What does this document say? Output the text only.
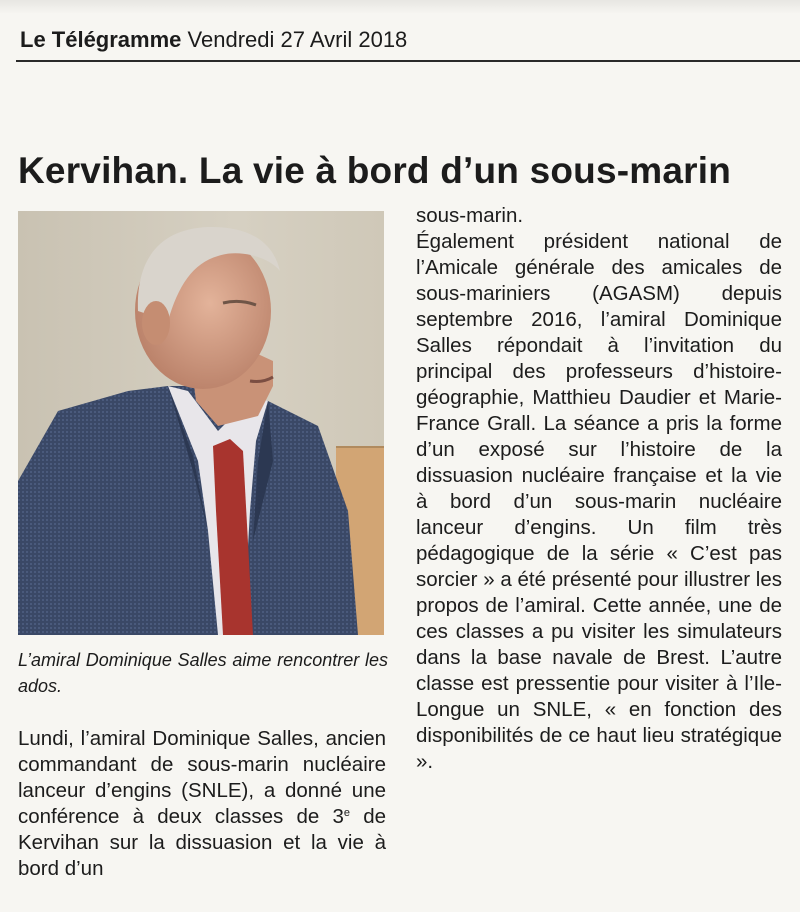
Le Télégramme Vendredi 27 Avril 2018
Kervihan. La vie à bord d’un sous-marin
L’amiral Dominique Salles aime rencontrer les ados.

Lundi, l’amiral Dominique Salles, ancien commandant de sous-marin nucléaire lanceur d’engins (SNLE), a donné une conférence à deux classes de 3e de Kervihan sur la dissuasion et la vie à bord d’un

sous-marin.

Également président national de l’Amicale générale des amicales de sous-mariniers (AGASM) depuis septembre 2016, l’amiral Dominique Salles répondait à l’invitation du principal des professeurs d’histoire-géographie, Matthieu Daudier et Marie-France Grall. La séance a pris la forme d’un exposé sur l’histoire de la dissuasion nucléaire française et la vie à bord d’un sous-marin nucléaire lanceur d’engins. Un film très pédagogique de la série « C’est pas sorcier » a été présenté pour illustrer les propos de l’amiral. Cette année, une de ces classes a pu visiter les simulateurs dans la base navale de Brest. L’autre classe est pressentie pour visiter à l’Ile-Longue un SNLE, « en fonction des disponibilités de ce haut lieu stratégique ».
